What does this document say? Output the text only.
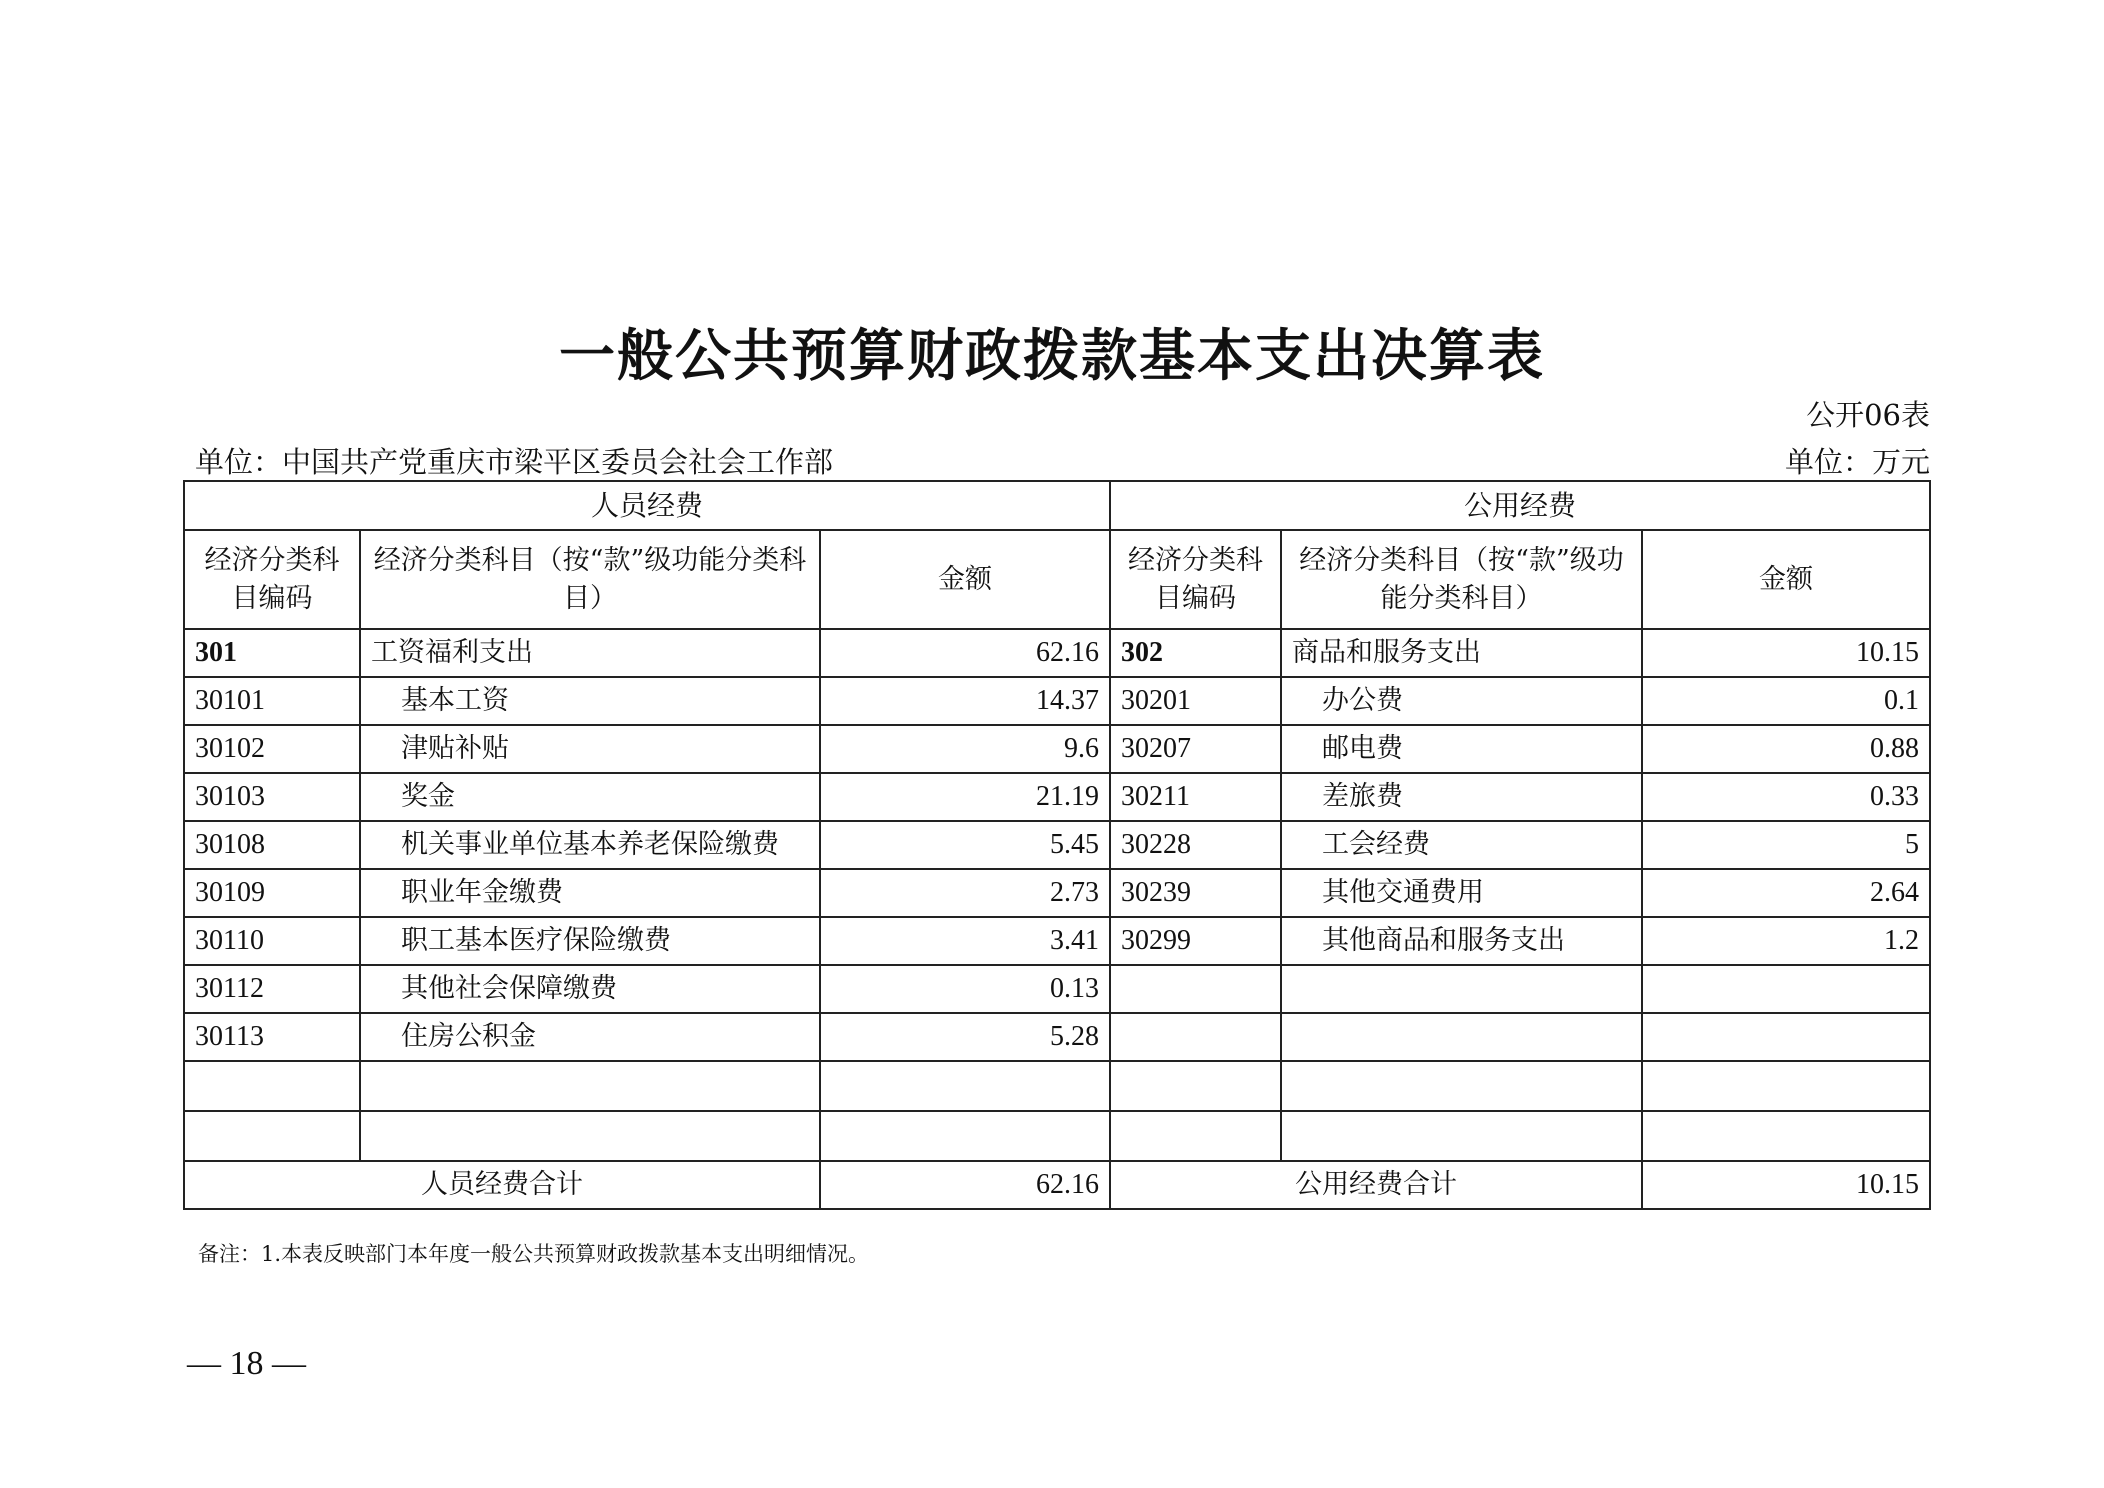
一般公共预算财政拨款基本支出决算表
公开06表
单位：中国共产党重庆市梁平区委员会社会工作部	单位：万元
人员经费			公用经费		
经济分类科目编码	经济分类科目（按“款”级功能分类科目）	金额	经济分类科目编码	经济分类科目（按“款”级功能分类科目）	金额
301	工资福利支出	62.16	302	商品和服务支出	10.15
30101	基本工资	14.37	30201	办公费	0.1
30102	津贴补贴	9.6	30207	邮电费	0.88
30103	奖金	21.19	30211	差旅费	0.33
30108	机关事业单位基本养老保险缴费	5.45	30228	工会经费	5
30109	职业年金缴费	2.73	30239	其他交通费用	2.64
30110	职工基本医疗保险缴费	3.41	30299	其他商品和服务支出	1.2
30112	其他社会保障缴费	0.13			
30113	住房公积金	5.28			

人员经费合计		62.16	公用经费合计		10.15
备注：1.本表反映部门本年度一般公共预算财政拨款基本支出明细情况。
— 18 —
